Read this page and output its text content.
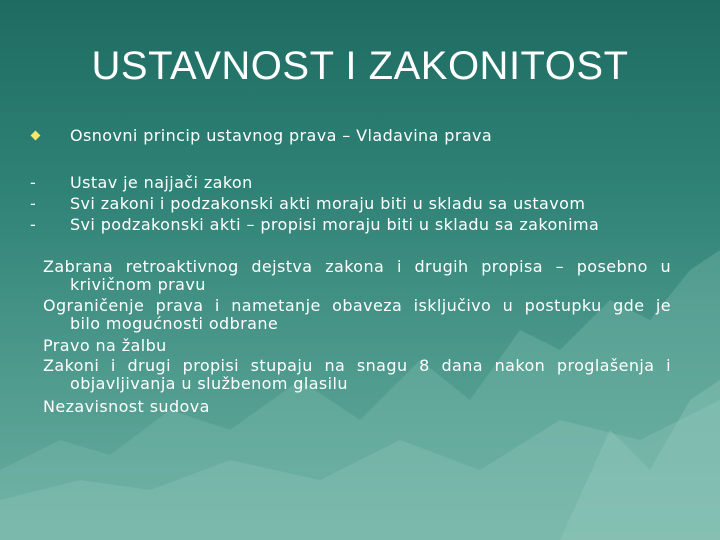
USTAVNOST I ZAKONITOST
Osnovni princip ustavnog prava – Vladavina prava
- Ustav je najjači zakon
- Svi zakoni i podzakonski akti moraju biti u skladu sa ustavom
- Svi podzakonski akti – propisi moraju biti u skladu sa zakonima
Zabrana retroaktivnog dejstva zakona i drugih propisa – posebno u
krivičnom pravu
Ograničenje prava i nametanje obaveza isključivo u postupku gde je
bilo mogućnosti odbrane
Pravo na žalbu
Zakoni i drugi propisi stupaju na snagu 8 dana nakon proglašenja i
objavljivanja u službenom glasilu
Nezavisnost sudova
